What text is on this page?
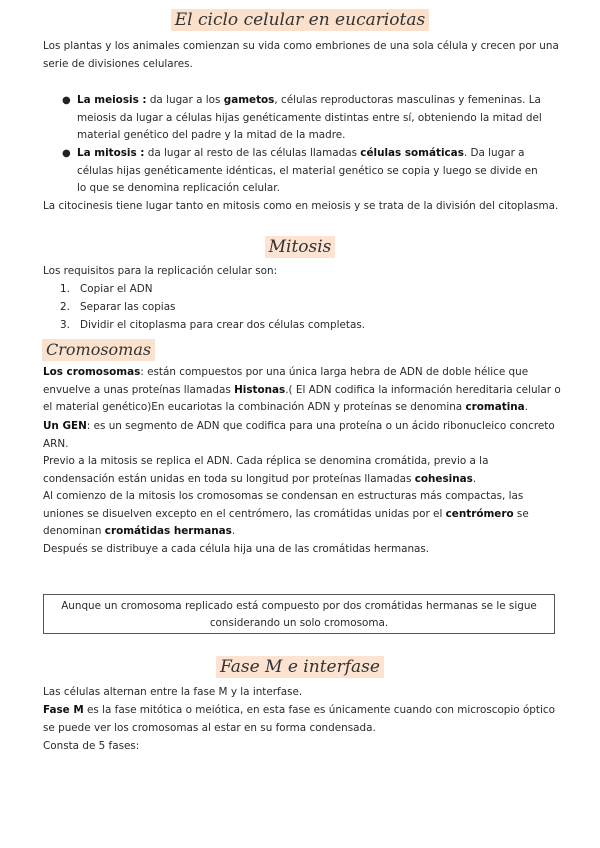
El ciclo celular en eucariotas

Los plantas y los animales comienzan su vida como embriones de una sola célula y crecen por una serie de divisiones celulares.

● La meiosis : da lugar a los gametos, células reproductoras masculinas y femeninas. La meiosis da lugar a células hijas genéticamente distintas entre sí, obteniendo la mitad del material genético del padre y la mitad de la madre.

● La mitosis : da lugar al resto de las células llamadas células somáticas. Da lugar a células hijas genéticamente idénticas, el material genético se copia y luego se divide en lo que se denomina replicación celular.

La citocinesis tiene lugar tanto en mitosis como en meiosis y se trata de la división del citoplasma.

Mitosis

Los requisitos para la replicación celular son:

1. Copiar el ADN

2. Separar las copias

3. Dividir el citoplasma para crear dos células completas.

Cromosomas

Los cromosomas: están compuestos por una única larga hebra de ADN de doble hélice que envuelve a unas proteínas llamadas Histonas.( El ADN codifica la información hereditaria celular o el material genético)En eucariotas la combinación ADN y proteínas se denomina cromatina.

Un GEN: es un segmento de ADN que codifica para una proteína o un ácido ribonucleico concreto ARN.

Previo a la mitosis se replica el ADN. Cada réplica se denomina cromátida, previo a la condensación están unidas en toda su longitud por proteínas llamadas cohesinas.

Al comienzo de la mitosis los cromosomas se condensan en estructuras más compactas, las uniones se disuelven excepto en el centrómero, las cromátidas unidas por el centrómero se denominan cromátidas hermanas.

Después se distribuye a cada célula hija una de las cromátidas hermanas.

Aunque un cromosoma replicado está compuesto por dos cromátidas hermanas se le sigue considerando un solo cromosoma.
Fase M e interfase

Las células alternan entre la fase M y la interfase.

Fase M es la fase mitótica o meiótica, en esta fase es únicamente cuando con microscopio óptico se puede ver los cromosomas al estar en su forma condensada.

Consta de 5 fases:
